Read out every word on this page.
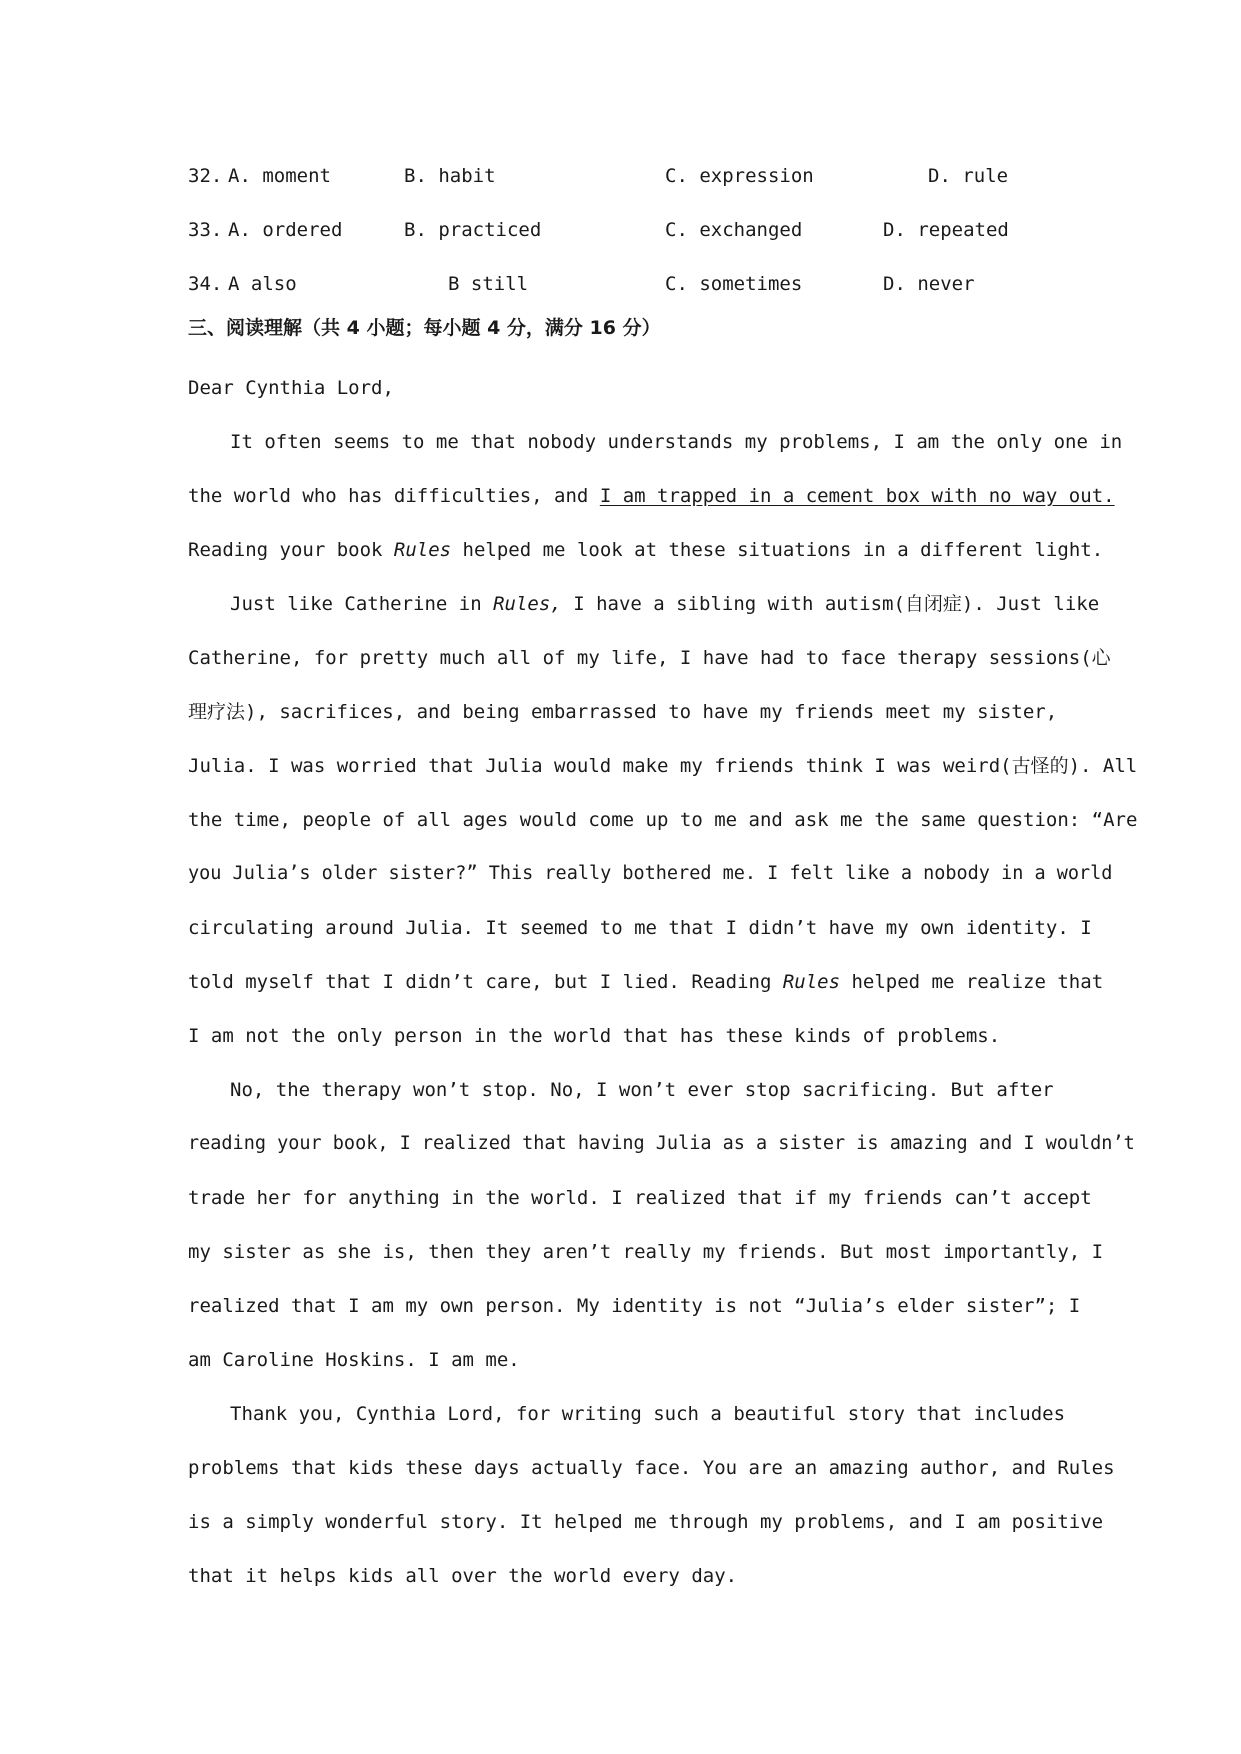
32. A. moment	B. habit	C. expression	D. rule
33. A. ordered	B. practiced	C. exchanged	D. repeated
34. A also	B still	C. sometimes	D. never
三、阅读理解（共 4 小题；每小题 4 分，满分 16 分）
Dear Cynthia Lord,
It often seems to me that nobody understands my problems, I am the only one in
the world who has difficulties, and I am trapped in a cement box with no way out.
Reading your book Rules helped me look at these situations in a different light.
Just like Catherine in Rules, I have a sibling with autism(自闭症). Just like
Catherine, for pretty much all of my life, I have had to face therapy sessions(心
理疗法), sacrifices, and being embarrassed to have my friends meet my sister,
Julia. I was worried that Julia would make my friends think I was weird(古怪的). All
the time, people of all ages would come up to me and ask me the same question: “Are
you Julia’s older sister?” This really bothered me. I felt like a nobody in a world
circulating around Julia. It seemed to me that I didn’t have my own identity. I
told myself that I didn’t care, but I lied. Reading Rules helped me realize that
I am not the only person in the world that has these kinds of problems.
No, the therapy won’t stop. No, I won’t ever stop sacrificing. But after
reading your book, I realized that having Julia as a sister is amazing and I wouldn’t
trade her for anything in the world. I realized that if my friends can’t accept
my sister as she is, then they aren’t really my friends. But most importantly, I
realized that I am my own person. My identity is not “Julia’s elder sister”; I
am Caroline Hoskins. I am me.
Thank you, Cynthia Lord, for writing such a beautiful story that includes
problems that kids these days actually face. You are an amazing author, and Rules
is a simply wonderful story. It helped me through my problems, and I am positive
that it helps kids all over the world every day.
